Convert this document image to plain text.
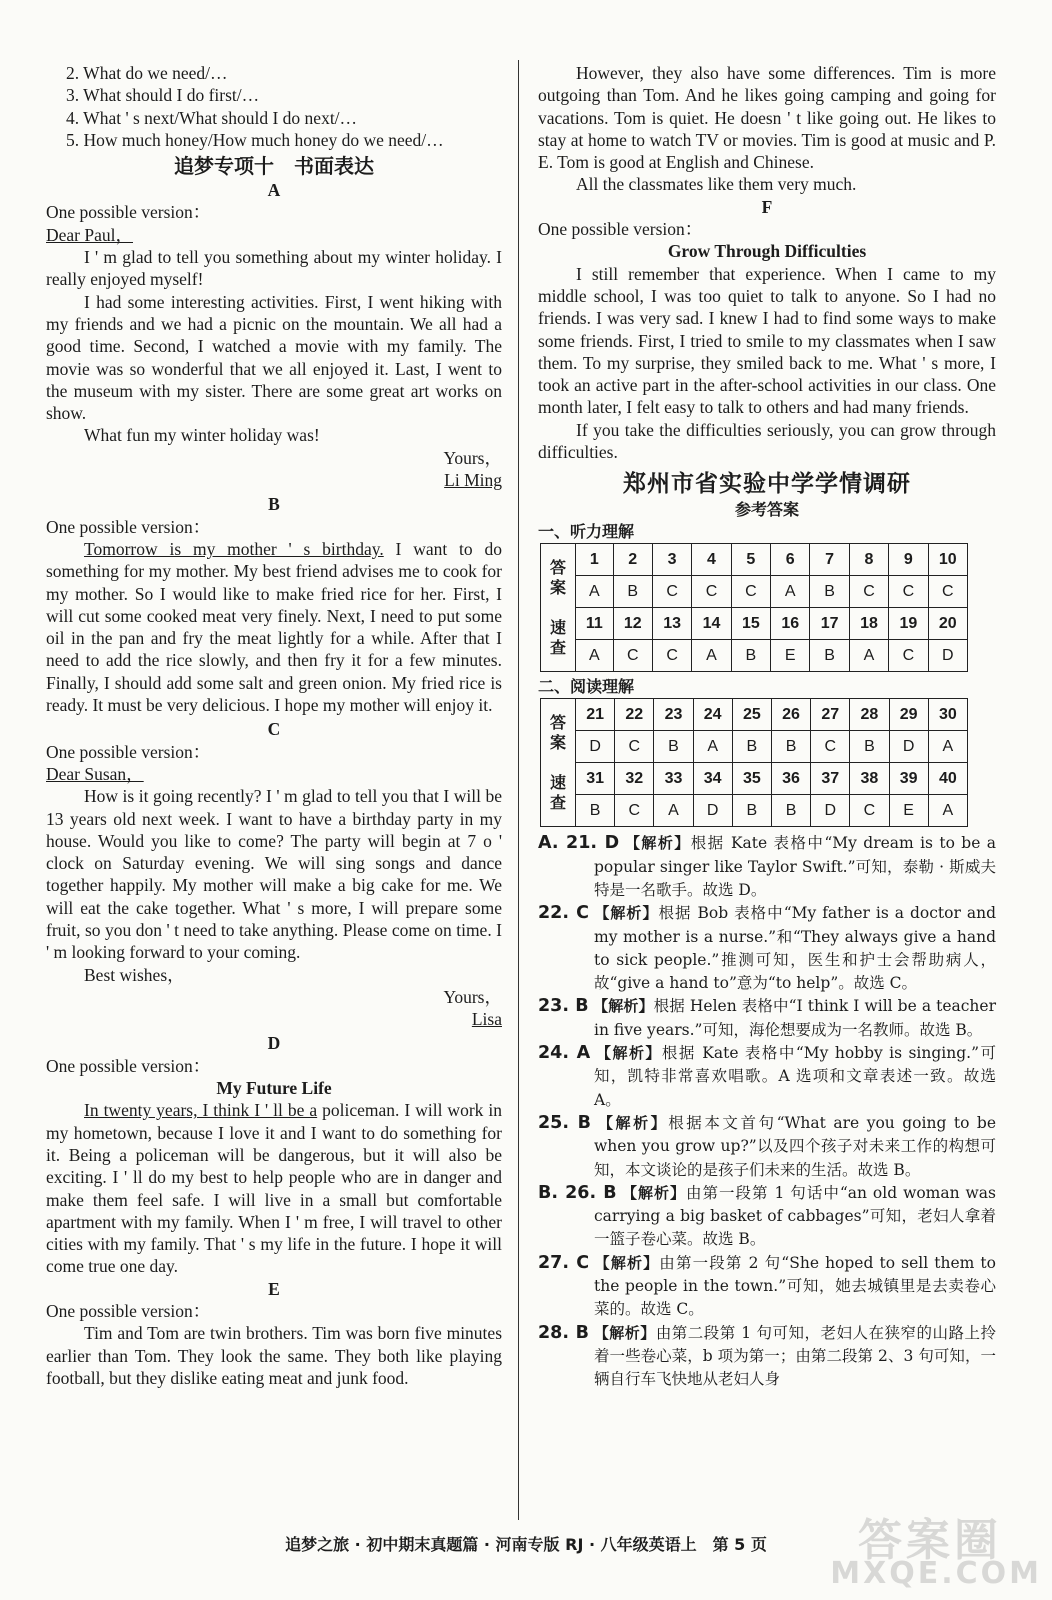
2. What do we need/…

3. What should I do first/…

4. What ' s next/What should I do next/…

5. How much honey/How much honey do we need/…

追梦专项十　书面表达
A

One possible version：

Dear Paul，

I ' m glad to tell you something about my winter holiday. I really enjoyed myself!

I had some interesting activities. First, I went hiking with my friends and we had a picnic on the mountain. We all had a good time. Second, I watched a movie with my family. The movie was so wonderful that we all enjoyed it. Last, I went to the museum with my sister. There are some great art works on show.

What fun my winter holiday was!

Yours，

Li Ming

B

One possible version：

Tomorrow is my mother ' s birthday. I want to do something for my mother. My best friend advises me to cook for my mother. So I would like to make fried rice for her. First, I will cut some cooked meat very finely. Next, I need to put some oil in the pan and fry the meat lightly for a while. After that I need to add the rice slowly, and then fry it for a few minutes. Finally, I should add some salt and green onion. My fried rice is ready. It must be very delicious. I hope my mother will enjoy it.

C

One possible version：

Dear Susan，

How is it going recently? I ' m glad to tell you that I will be 13 years old next week. I want to have a birthday party in my house. Would you like to come? The party will begin at 7 o ' clock on Saturday evening. We will sing songs and dance together happily. My mother will make a big cake for me. We will eat the cake together. What ' s more, I will prepare some fruit, so you don ' t need to take anything. Please come on time. I ' m looking forward to your coming.

Best wishes，

Yours，

Lisa

D

One possible version：

My Future Life

In twenty years, I think I ' ll be a policeman. I will work in my hometown, because I love it and I want to do something for it. Being a policeman will be dangerous, but it will also be exciting. I ' ll do my best to help people who are in danger and make them feel safe. I will live in a small but comfortable apartment with my family. When I ' m free, I will travel to other cities with my family. That ' s my life in the future. I hope it will come true one day.

E

One possible version：

Tim and Tom are twin brothers. Tim was born five minutes earlier than Tom. They look the same. They both like playing football, but they dislike eating meat and junk food.

However, they also have some differences. Tim is more outgoing than Tom. And he likes going camping and going for vacations. Tom is quiet. He doesn ' t like going out. He likes to stay at home to watch TV or movies. Tim is good at music and P. E. Tom is good at English and Chinese.

All the classmates like them very much.

F

One possible version：

Grow Through Difficulties

I still remember that experience. When I came to my middle school, I was too quiet to talk to anyone. So I had no friends. I was very sad. I knew I had to find some ways to make some friends. First, I tried to smile to my classmates when I saw them. To my surprise, they smiled back to me. What ' s more, I took an active part in the after-school activities in our class. One month later, I felt easy to talk to others and had many friends.

If you take the difficulties seriously, you can grow through difficulties.

郑州市省实验中学学情调研
参考答案
一、听力理解
答
案

速
查	1	2	3	4	5	6	7	8	9	10
	A	B	C	C	C	A	B	C	C	C
	11	12	13	14	15	16	17	18	19	20
	A	C	C	A	B	E	B	A	C	D
二、阅读理解
答
案

速
查	21	22	23	24	25	26	27	28	29	30
	D	C	B	A	B	B	C	B	D	A
	31	32	33	34	35	36	37	38	39	40
	B	C	A	D	B	B	D	C	E	A

A. 21. D 【解析】根据 Kate 表格中“My dream is to be a popular singer like Taylor Swift.”可知，泰勒 · 斯威夫特是一名歌手。故选 D。

22. C 【解析】根据 Bob 表格中“My father is a doctor and my mother is a nurse.”和“They always give a hand to sick people.”推测可知，医生和护士会帮助病人，故“give a hand to”意为“to help”。故选 C。

23. B 【解析】根据 Helen 表格中“I think I will be a teacher in five years.”可知，海伦想要成为一名教师。故选 B。

24. A 【解析】根据 Kate 表格中“My hobby is singing.”可知，凯特非常喜欢唱歌。A 选项和文章表述一致。故选 A。

25. B 【解析】根据本文首句“What are you going to be when you grow up?”以及四个孩子对未来工作的构想可知，本文谈论的是孩子们未来的生活。故选 B。

B. 26. B 【解析】由第一段第 1 句话中“an old woman was carrying a big basket of cabbages”可知，老妇人拿着一篮子卷心菜。故选 B。

27. C 【解析】由第一段第 2 句“She hoped to sell them to the people in the town.”可知，她去城镇里是去卖卷心菜的。故选 C。

28. B 【解析】由第二段第 1 句可知，老妇人在狭窄的山路上拎着一些卷心菜，b 项为第一；由第二段第 2、3 句可知，一辆自行车飞快地从老妇人身

追梦之旅 · 初中期末真题篇 · 河南专版 RJ · 八年级英语上　第 5 页	答案圈
MXQE.COM
